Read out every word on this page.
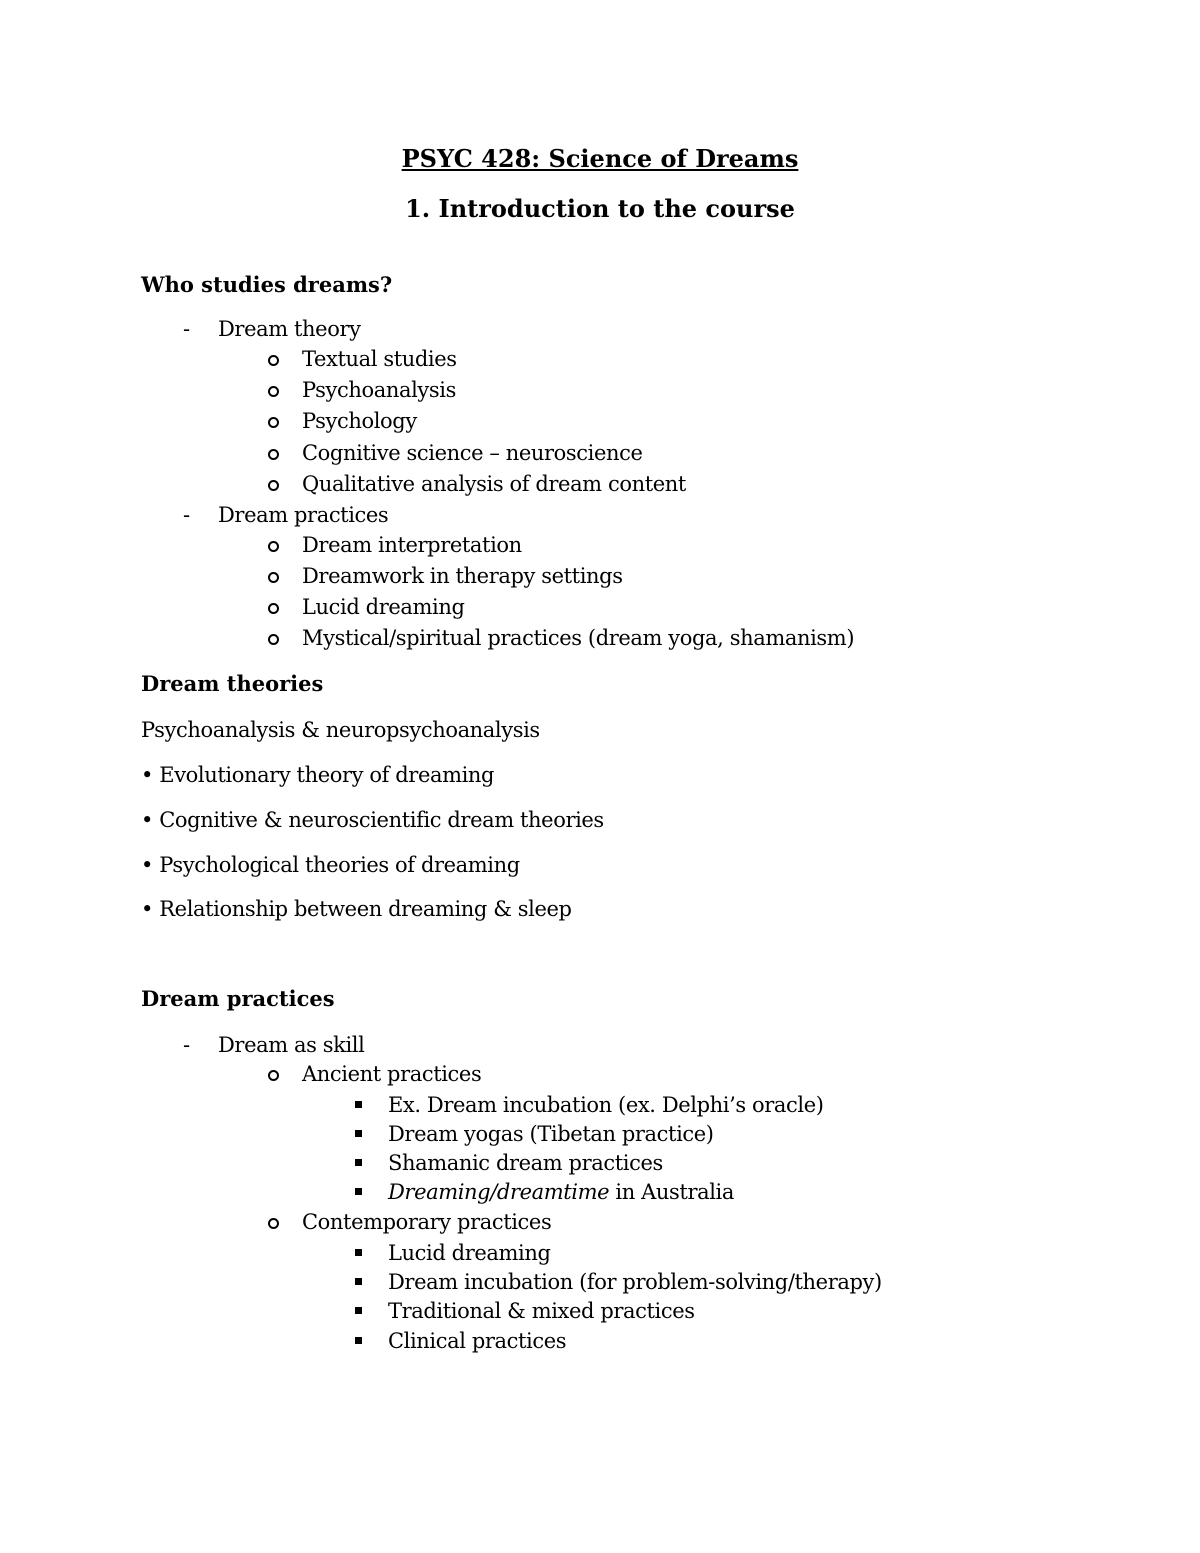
PSYC 428: Science of Dreams
1. Introduction to the course
Who studies dreams?
- Dream theory
Textual studies
Psychoanalysis
Psychology
Cognitive science – neuroscience
Qualitative analysis of dream content
- Dream practices
Dream interpretation
Dreamwork in therapy settings
Lucid dreaming
Mystical/spiritual practices (dream yoga, shamanism)
Dream theories
Psychoanalysis & neuropsychoanalysis
• Evolutionary theory of dreaming
• Cognitive & neuroscientific dream theories
• Psychological theories of dreaming
• Relationship between dreaming & sleep
Dream practices
- Dream as skill
Ancient practices
Ex. Dream incubation (ex. Delphi’s oracle)
Dream yogas (Tibetan practice)
Shamanic dream practices
Dreaming/dreamtime in Australia
Contemporary practices
Lucid dreaming
Dream incubation (for problem-solving/therapy)
Traditional & mixed practices
Clinical practices
